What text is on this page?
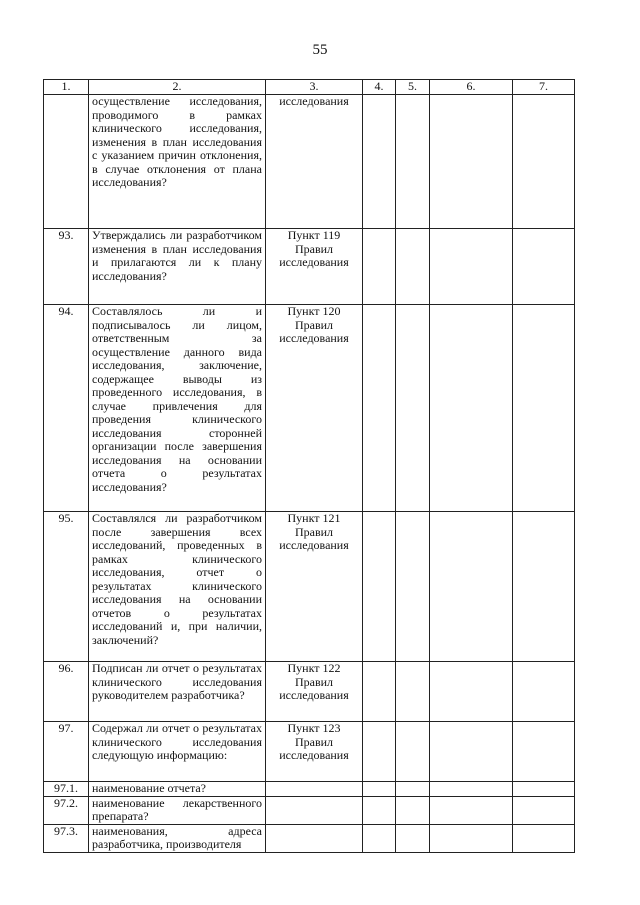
55
1.	2.	3.	4.	5.	6.	7.
	осуществление исследования, проводимого в рамках клинического исследования, изменения в план исследования с указанием причин отклонения, в случае отклонения от плана исследования?	исследования				
93.	Утверждались ли разработчиком изменения в план исследования и прилагаются ли к плану исследования?	Пункт 119 Правил исследования				
94.	Составлялось ли и подписывалось ли лицом, ответственным за осуществление данного вида исследования, заключение, содержащее выводы из проведенного исследования, в случае привлечения для проведения клинического исследования сторонней организации после завершения исследования на основании отчета о результатах исследования?	Пункт 120 Правил исследования				
95.	Составлялся ли разработчиком после завершения всех исследований, проведенных в рамках клинического исследования, отчет о результатах клинического исследования на основании отчетов о результатах исследований и, при наличии, заключений?	Пункт 121 Правил исследования				
96.	Подписан ли отчет о результатах клинического исследования руководителем разработчика?	Пункт 122 Правил исследования				
97.	Содержал ли отчет о результатах клинического исследования следующую информацию:	Пункт 123 Правил исследования				
97.1.	наименование отчета?					
97.2.	наименование лекарственного препарата?					
97.3.	наименования, адреса разработчика, производителя					
